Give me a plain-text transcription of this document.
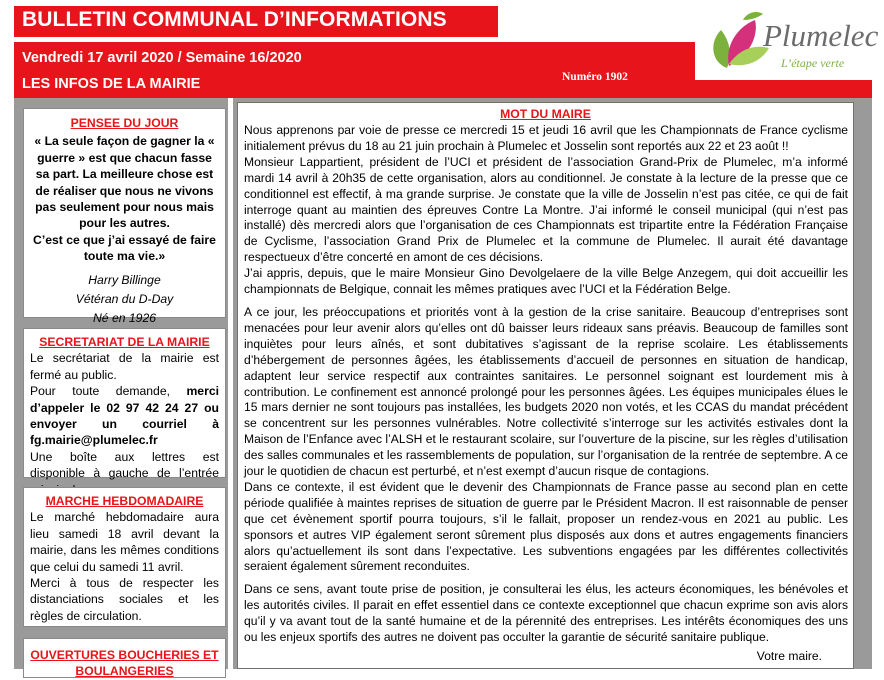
BULLETIN COMMUNAL D’INFORMATIONS
Vendredi 17 avril 2020 / Semaine 16/2020
LES INFOS DE LA MAIRIE	Numéro 1902
Plumelec
L’étape verte
PENSEE DU JOUR
« La seule façon de gagner la « guerre » est que chacun fasse sa part. La meilleure chose est de réaliser que nous ne vivons pas seulement pour nous mais pour les autres.
C’est ce que j’ai essayé de faire toute ma vie.»
Harry Billinge
Vétéran du D-Day
Né en 1926
SECRETARIAT DE LA MAIRIE
Le secrétariat de la mairie est fermé au public.
Pour toute demande, merci d’appeler le 02 97 42 24 27 ou envoyer un courriel à fg.mairie@plumelec.fr
Une boîte aux lettres est disponible à gauche de l’entrée
MARCHE HEBDOMADAIRE
Le marché hebdomadaire aura lieu samedi 18 avril devant la mairie, dans les mêmes conditions que celui du samedi 11 avril.
Merci à tous de respecter les distanciations sociales et les règles de circulation.
OUVERTURES BOUCHERIES ET BOULANGERIES
MOT DU MAIRE

Nous apprenons par voie de presse ce mercredi 15 et jeudi 16 avril que les Championnats de France cyclisme initialement prévus du 18 au 21 juin prochain à Plumelec et Josselin sont reportés aux 22 et 23 août !!

Monsieur Lappartient, président de l’UCI et président de l’association Grand-Prix de Plumelec, m’a informé mardi 14 avril à 20h35 de cette organisation, alors au conditionnel. Je constate à la lecture de la presse que ce conditionnel est effectif, à ma grande surprise. Je constate que la ville de Josselin n’est pas citée, ce qui de fait interroge quant au maintien des épreuves Contre La Montre. J’ai informé le conseil municipal (qui n’est pas installé) dès mercredi alors que l’organisation de ces Championnats est tripartite entre la Fédération Française de Cyclisme, l’association Grand Prix de Plumelec et la commune de Plumelec. Il aurait été davantage respectueux d’être concerté en amont de ces décisions.

J’ai appris, depuis, que le maire Monsieur Gino Devolgelaere de la ville Belge Anzegem, qui doit accueillir les championnats de Belgique, connait les mêmes pratiques avec l’UCI et la Fédération Belge.

A ce jour, les préoccupations et priorités vont à la gestion de la crise sanitaire. Beaucoup d’entreprises sont menacées pour leur avenir alors qu’elles ont dû baisser leurs rideaux sans préavis. Beaucoup de familles sont inquiètes pour leurs aînés, et sont dubitatives s’agissant de la reprise scolaire. Les établissements d’hébergement de personnes âgées, les établissements d’accueil de personnes en situation de handicap, adaptent leur service respectif aux contraintes sanitaires. Le personnel soignant est lourdement mis à contribution. Le confinement est annoncé prolongé pour les personnes âgées. Les équipes municipales élues le 15 mars dernier ne sont toujours pas installées, les budgets 2020 non votés, et les CCAS du mandat précédent se concentrent sur les personnes vulnérables. Notre collectivité s’interroge sur les activités estivales dont la Maison de l’Enfance avec l’ALSH et le restaurant scolaire, sur l’ouverture de la piscine, sur les règles d’utilisation des salles communales et les rassemblements de population, sur l’organisation de la rentrée de septembre. A ce jour le quotidien de chacun est perturbé, et n’est exempt d’aucun risque de contagions.

Dans ce contexte, il est évident que le devenir des Championnats de France passe au second plan en cette période qualifiée à maintes reprises de situation de guerre par le Président Macron. Il est raisonnable de penser que cet évènement sportif pourra toujours, s’il le fallait, proposer un rendez-vous en 2021 au public. Les sponsors et autres VIP également seront sûrement plus disposés aux dons et autres engagements financiers alors qu’actuellement ils sont dans l’expectative. Les subventions engagées par les différentes collectivités seraient également sûrement reconduites.

Dans ce sens, avant toute prise de position, je consulterai les élus, les acteurs économiques, les bénévoles et les autorités civiles. Il parait en effet essentiel dans ce contexte exceptionnel que chacun exprime son avis alors qu’il y va avant tout de la santé humaine et de la pérennité des entreprises. Les intérêts économiques des uns ou les enjeux sportifs des autres ne doivent pas occulter la garantie de sécurité sanitaire publique.

Votre maire.
